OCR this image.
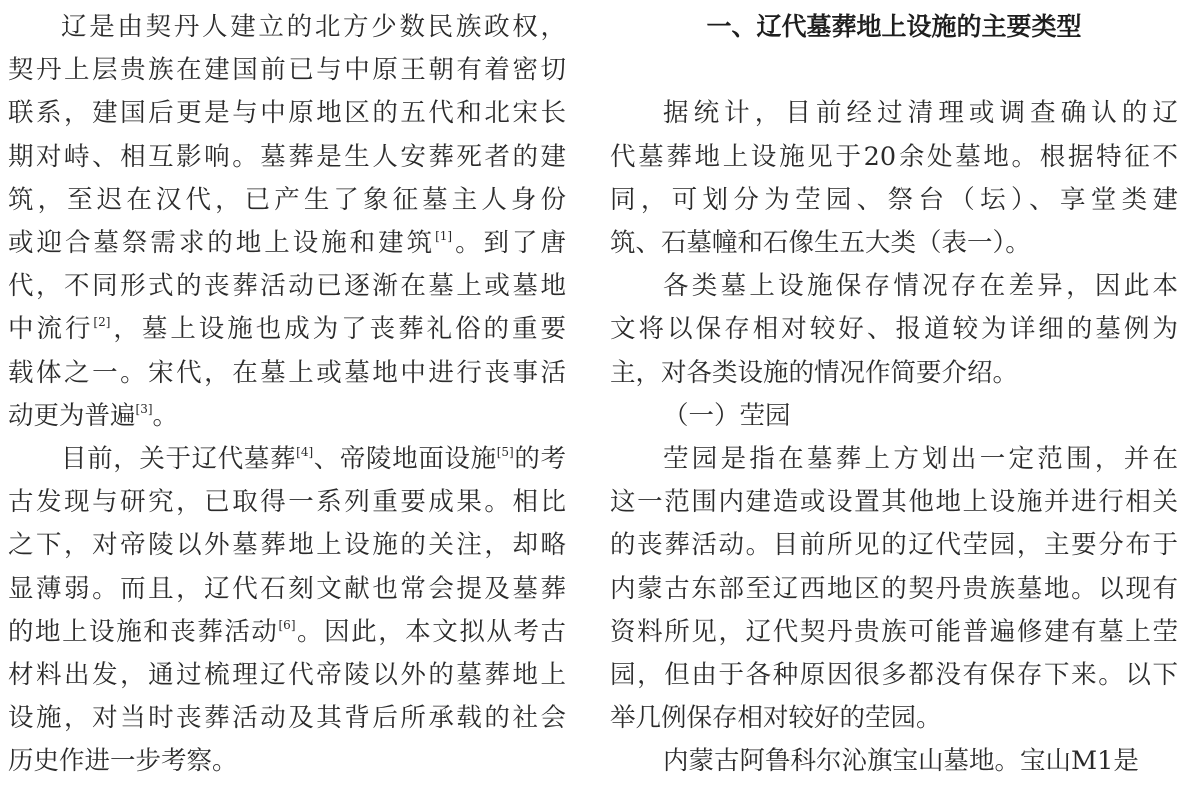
辽是由契丹人建立的北方少数民族政权，
契丹上层贵族在建国前已与中原王朝有着密切
联系，建国后更是与中原地区的五代和北宋长
期对峙、相互影响。墓葬是生人安葬死者的建
筑，至迟在汉代，已产生了象征墓主人身份
或迎合墓祭需求的地上设施和建筑[1]。到了唐
代，不同形式的丧葬活动已逐渐在墓上或墓地
中流行[2]，墓上设施也成为了丧葬礼俗的重要
载体之一。宋代，在墓上或墓地中进行丧事活
动更为普遍[3]。
目前，关于辽代墓葬[4]、帝陵地面设施[5]的考
古发现与研究，已取得一系列重要成果。相比
之下，对帝陵以外墓葬地上设施的关注，却略
显薄弱。而且，辽代石刻文献也常会提及墓葬
的地上设施和丧葬活动[6]。因此，本文拟从考古
材料出发，通过梳理辽代帝陵以外的墓葬地上
设施，对当时丧葬活动及其背后所承载的社会
历史作进一步考察。
一、辽代墓葬地上设施的主要类型
据统计，目前经过清理或调查确认的辽
代墓葬地上设施见于20余处墓地。根据特征不
同，可划分为茔园、祭台（坛）、享堂类建
筑、石墓幢和石像生五大类（表一）。
各类墓上设施保存情况存在差异，因此本
文将以保存相对较好、报道较为详细的墓例为
主，对各类设施的情况作简要介绍。
（一）茔园
茔园是指在墓葬上方划出一定范围，并在
这一范围内建造或设置其他地上设施并进行相关
的丧葬活动。目前所见的辽代茔园，主要分布于
内蒙古东部至辽西地区的契丹贵族墓地。以现有
资料所见，辽代契丹贵族可能普遍修建有墓上茔
园，但由于各种原因很多都没有保存下来。以下
举几例保存相对较好的茔园。
内蒙古阿鲁科尔沁旗宝山墓地。宝山M1是
